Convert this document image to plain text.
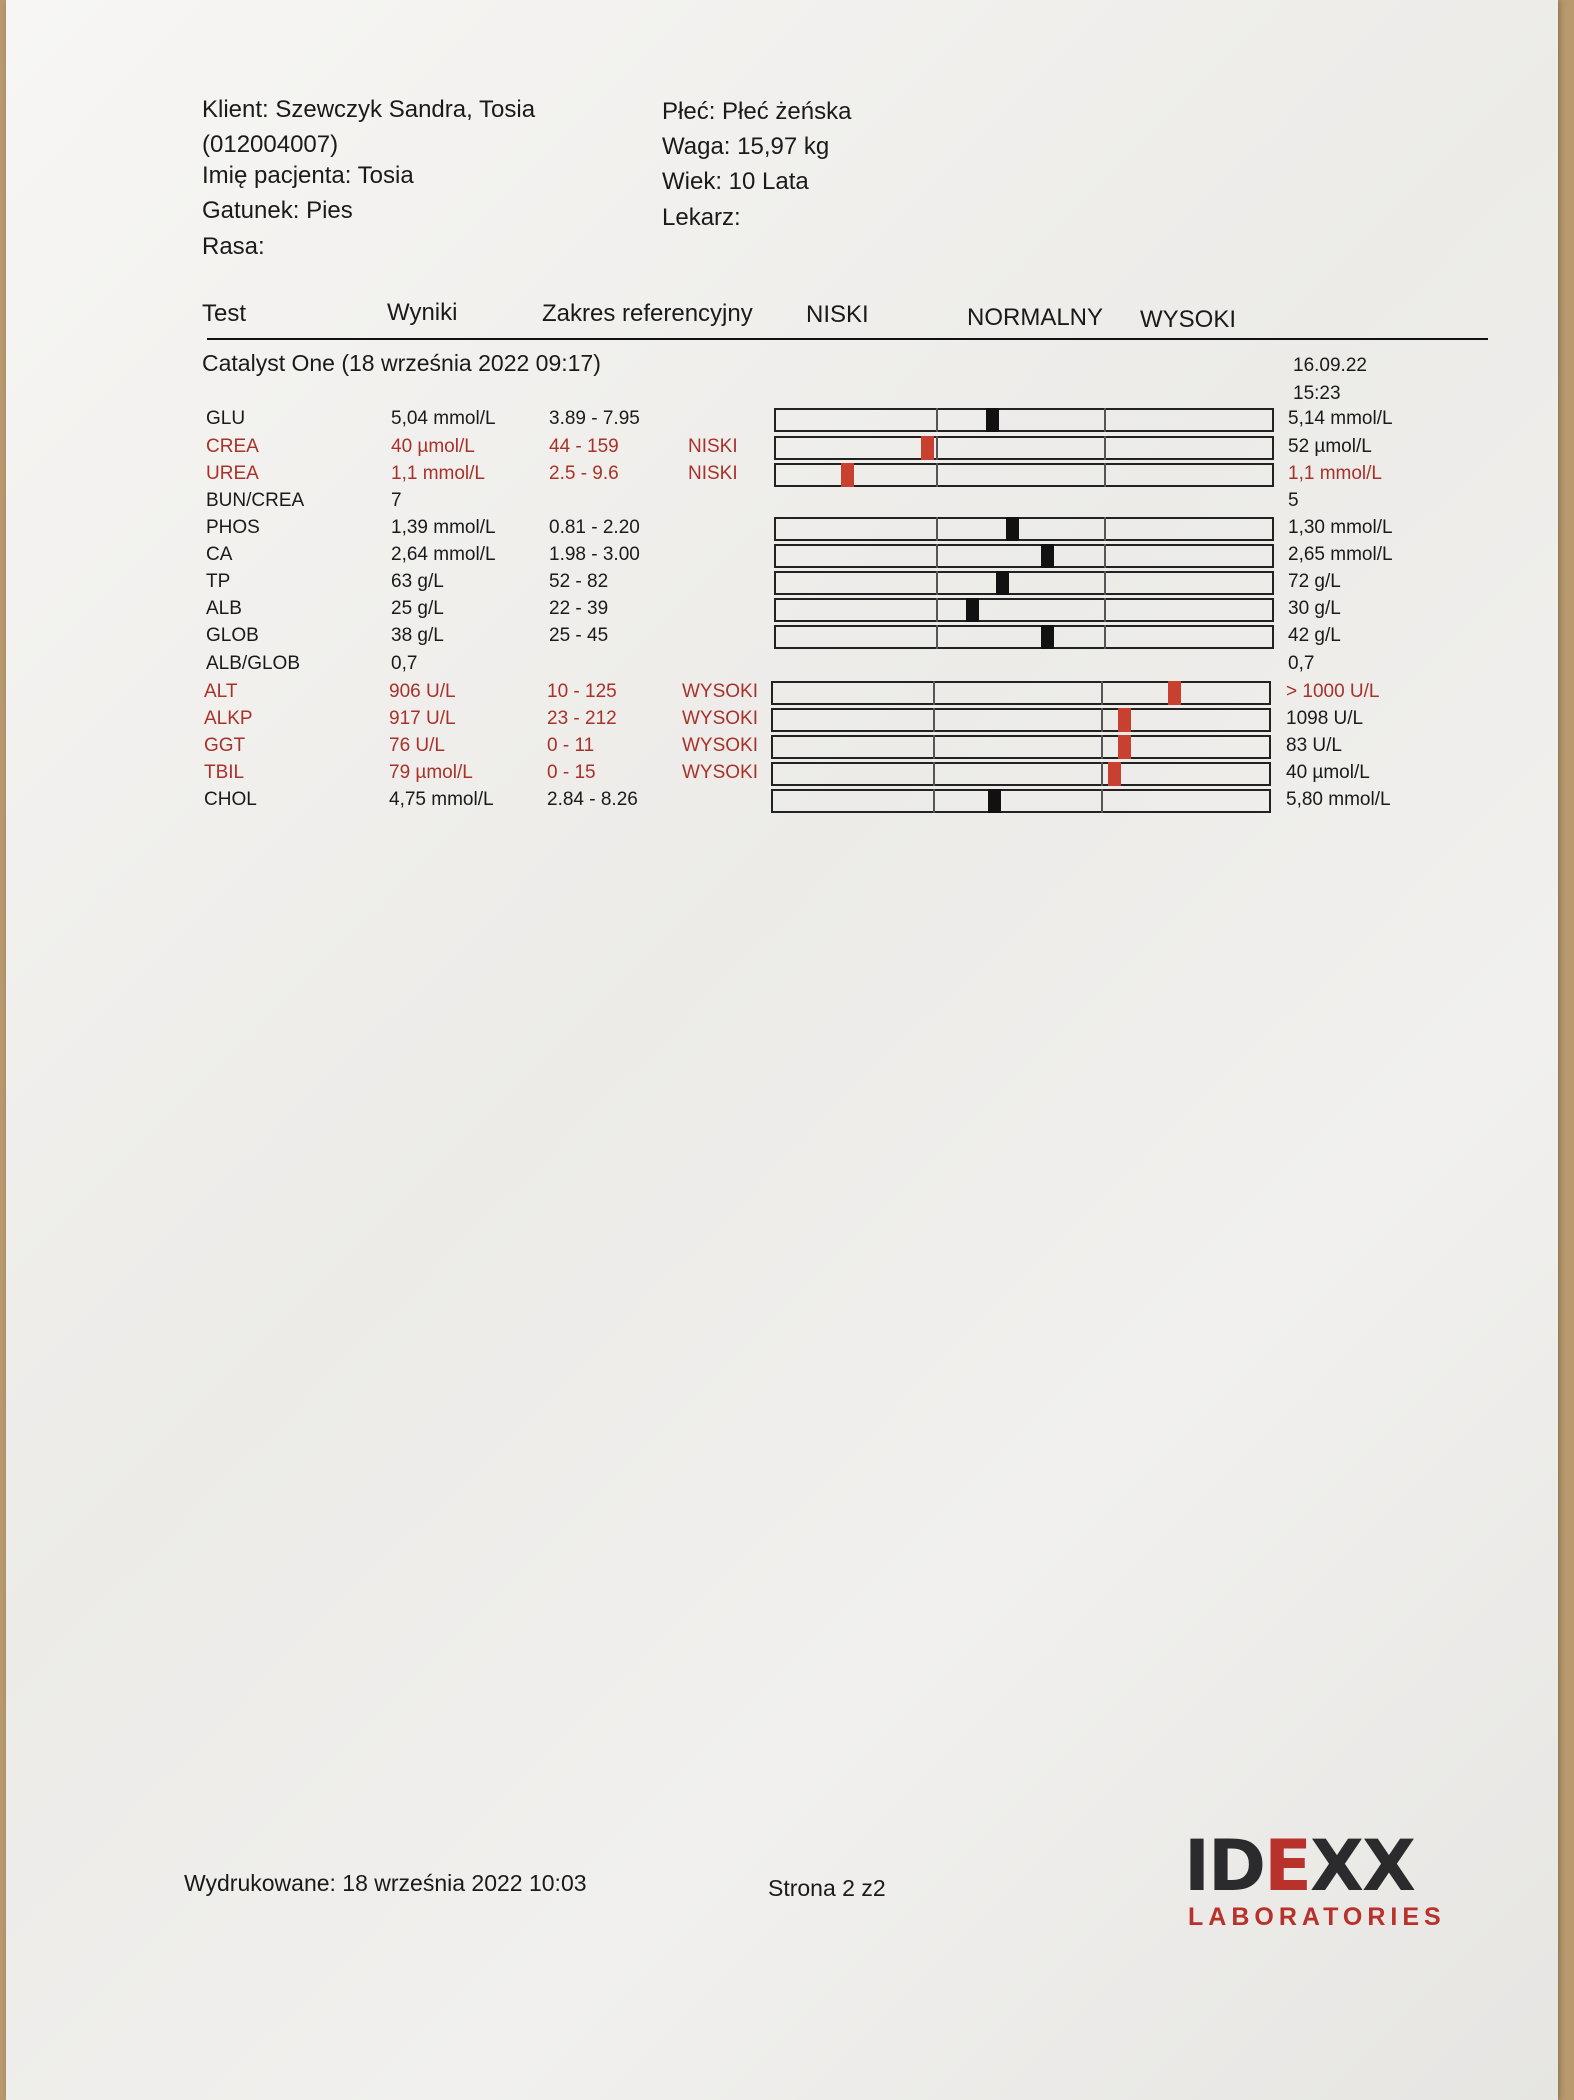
Klient: Szewczyk Sandra, Tosia
(012004007)
Imię pacjenta: Tosia
Gatunek: Pies
Rasa:
Płeć: Płeć żeńska
Waga: 15,97 kg
Wiek: 10 Lata
Lekarz:
Test	Wyniki	Zakres referencyjny NISKI	NORMALNY WYSOKI
Catalyst One (18 września 2022 09:17)	16.09.22
15:23
GLU	5,04 mmol/L	3.89 - 7.95	5,14 mmol/L
CREA	40 µmol/L	44 - 159	NISKI	52 µmol/L
UREA	1,1 mmol/L	2.5 - 9.6	NISKI	1,1 mmol/L
BUN/CREA	7	5
PHOS	1,39 mmol/L	0.81 - 2.20	1,30 mmol/L
CA	2,64 mmol/L	1.98 - 3.00	2,65 mmol/L
TP	63 g/L	52 - 82	72 g/L
ALB	25 g/L	22 - 39	30 g/L
GLOB	38 g/L	25 - 45	42 g/L
ALB/GLOB	0,7	0,7
ALT	906 U/L	10 - 125	WYSOKI	> 1000 U/L
ALKP	917 U/L	23 - 212	WYSOKI	1098 U/L
GGT	76 U/L	0 - 11	WYSOKI	83 U/L
TBIL	79 µmol/L	0 - 15	WYSOKI	40 µmol/L
CHOL	4,75 mmol/L	2.84 - 8.26	5,80 mmol/L
Wydrukowane: 18 września 2022 10:03	Strona 2 z2	IDEXX
LABORATORIES
